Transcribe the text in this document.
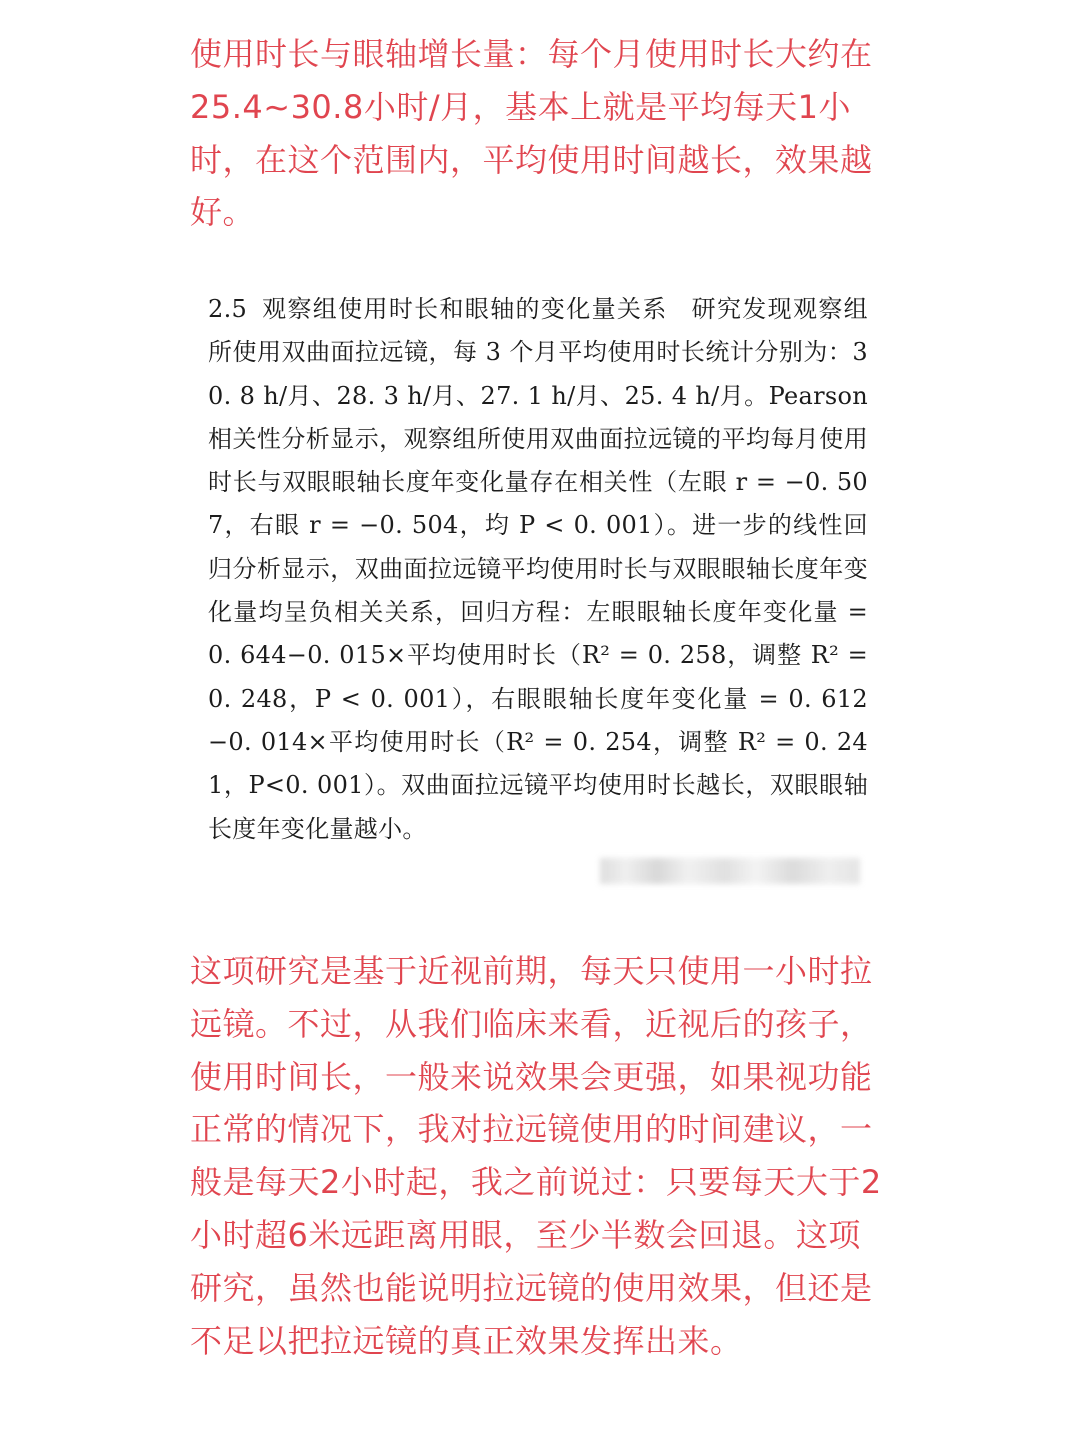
使用时长与眼轴增长量：每个月使用时长大约在25.4~30.8小时/月，基本上就是平均每天1小时，在这个范围内，平均使用时间越长，效果越好。

2.5 观察组使用时长和眼轴的变化量关系 研究发现观察组所使用双曲面拉远镜，每 3 个月平均使用时长统计分别为：30. 8 h/月、28. 3 h/月、27. 1 h/月、25. 4 h/月。Pearson 相关性分析显示，观察组所使用双曲面拉远镜的平均每月使用时长与双眼眼轴长度年变化量存在相关性（左眼 r = −0. 507，右眼 r = −0. 504，均 P < 0. 001）。进一步的线性回归分析显示，双曲面拉远镜平均使用时长与双眼眼轴长度年变化量均呈负相关关系，回归方程：左眼眼轴长度年变化量 = 0. 644−0. 015×平均使用时长（R² = 0. 258，调整 R² = 0. 248，P < 0. 001），右眼眼轴长度年变化量 = 0. 612−0. 014×平均使用时长（R² = 0. 254，调整 R² = 0. 241，P<0. 001）。双曲面拉远镜平均使用时长越长，双眼眼轴长度年变化量越小。

这项研究是基于近视前期，每天只使用一小时拉远镜。不过，从我们临床来看，近视后的孩子，使用时间长，一般来说效果会更强，如果视功能正常的情况下，我对拉远镜使用的时间建议，一般是每天2小时起，我之前说过：只要每天大于2小时超6米远距离用眼，至少半数会回退。这项研究，虽然也能说明拉远镜的使用效果，但还是不足以把拉远镜的真正效果发挥出来。
